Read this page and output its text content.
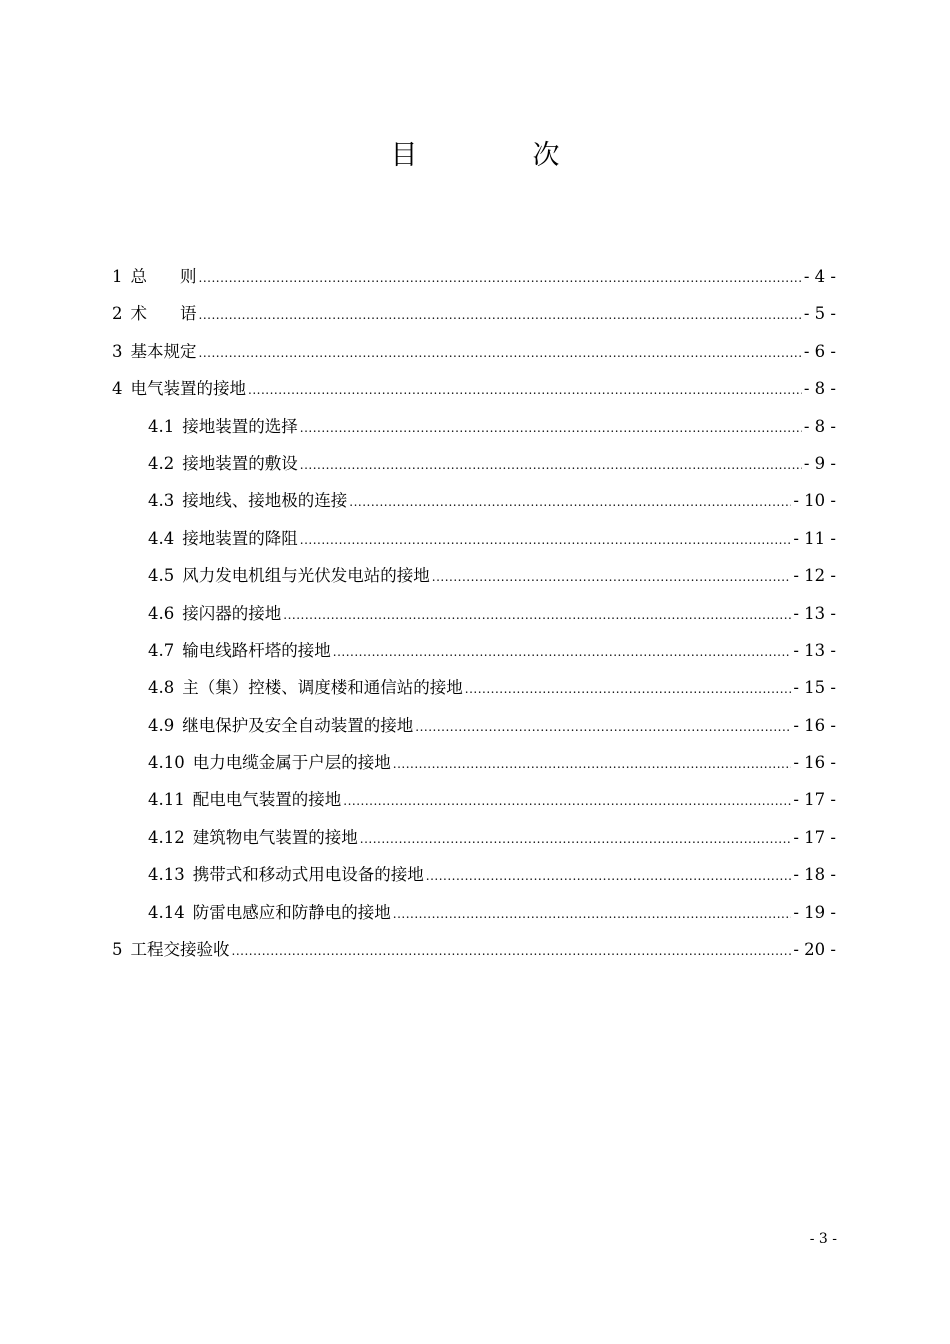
目　次
1 总　　则 .....	- 4 -
2 术　　语 .....	- 5 -
3 基本规定 .....	- 6 -
4 电气装置的接地 .....	- 8 -
4.1 接地装置的选择 .....	- 8 -
4.2 接地装置的敷设 .....	- 9 -
4.3 接地线、接地极的连接 .....	- 10 -
4.4 接地装置的降阻 .....	- 11 -
4.5 风力发电机组与光伏发电站的接地 .....	- 12 -
4.6 接闪器的接地 .....	- 13 -
4.7 输电线路杆塔的接地 .....	- 13 -
4.8 主（集）控楼、调度楼和通信站的接地 .....	- 15 -
4.9 继电保护及安全自动装置的接地 .....	- 16 -
4.10 电力电缆金属于户层的接地 .....	- 16 -
4.11 配电电气装置的接地 .....	- 17 -
4.12 建筑物电气装置的接地 .....	- 17 -
4.13 携带式和移动式用电设备的接地 .....	- 18 -
4.14 防雷电感应和防静电的接地 .....	- 19 -
5 工程交接验收 .....	- 20 -
- 3 -
